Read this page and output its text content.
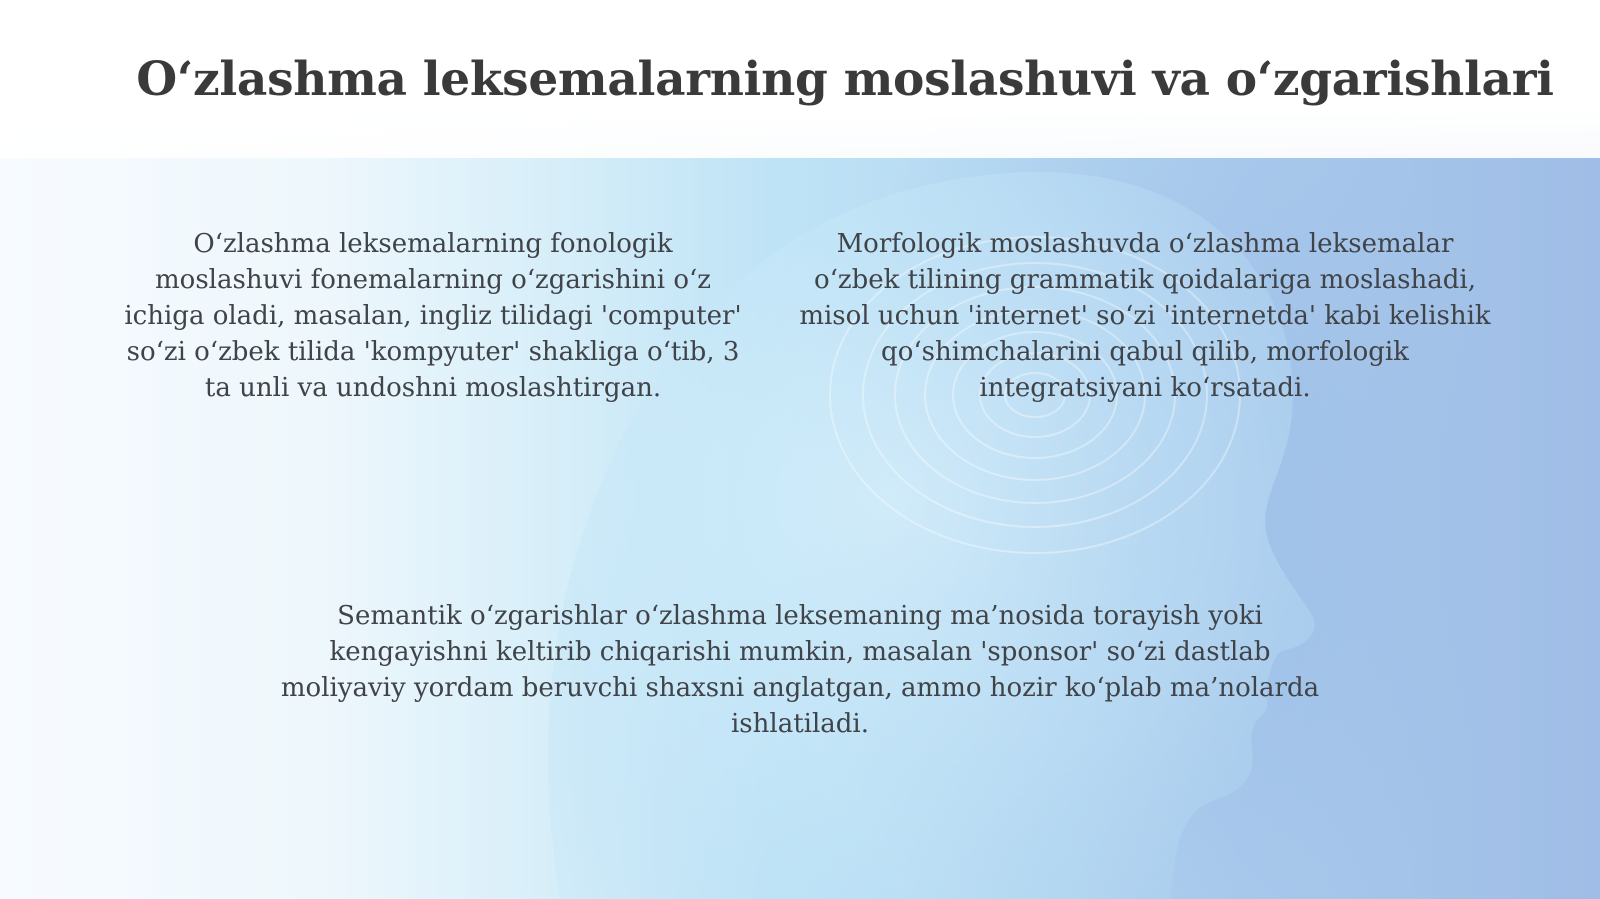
O‘zlashma leksemalarning moslashuvi va o‘zgarishlari

O‘zlashma leksemalarning fonologik moslashuvi fonemalarning o‘zgarishini o‘z ichiga oladi, masalan, ingliz tilidagi 'computer' so‘zi o‘zbek tilida 'kompyuter' shakliga o‘tib, 3 ta unli va undoshni moslashtirgan.

Morfologik moslashuvda o‘zlashma leksemalar o‘zbek tilining grammatik qoidalariga moslashadi, misol uchun 'internet' so‘zi 'internetda' kabi kelishik qo‘shimchalarini qabul qilib, morfologik integratsiyani ko‘rsatadi.

Semantik o‘zgarishlar o‘zlashma leksemaning ma’nosida torayish yoki kengayishni keltirib chiqarishi mumkin, masalan 'sponsor' so‘zi dastlab moliyaviy yordam beruvchi shaxsni anglatgan, ammo hozir ko‘plab ma’nolarda ishlatiladi.
